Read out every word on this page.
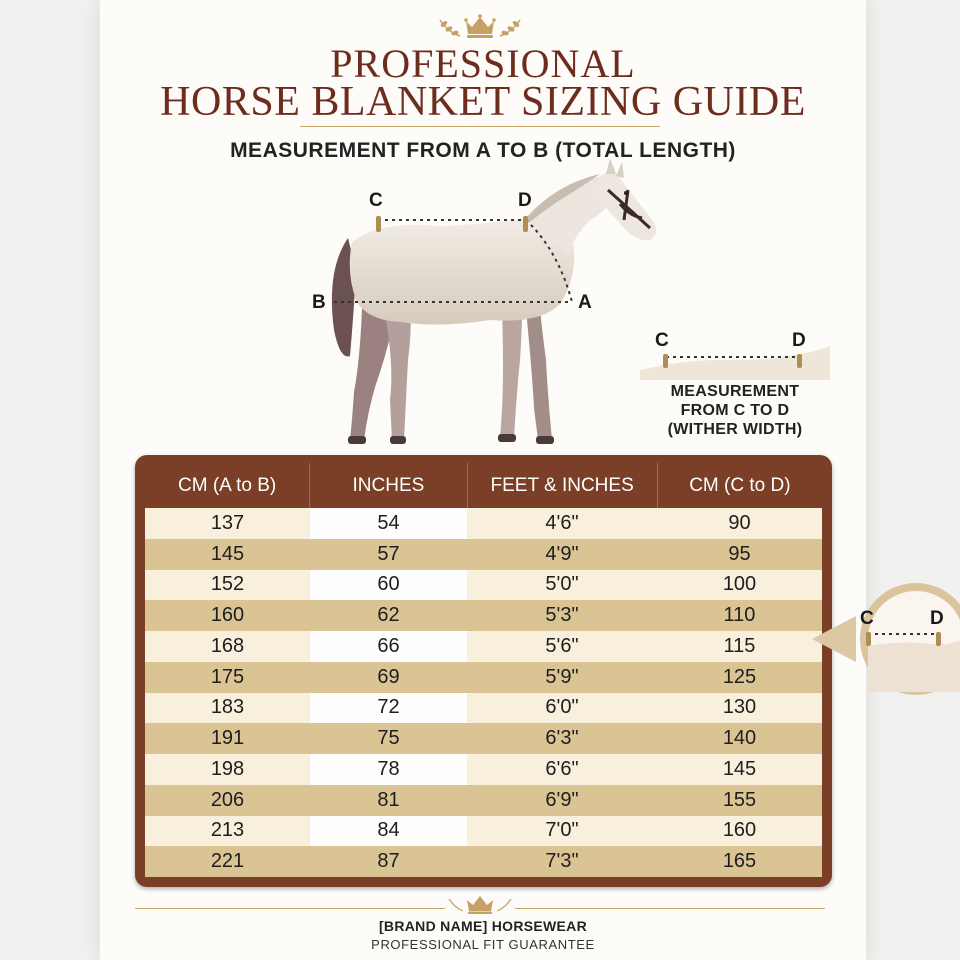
PROFESSIONAL
HORSE BLANKET SIZING GUIDE
MEASUREMENT FROM A TO B (TOTAL LENGTH)
C	D
B	A
C	D
MEASUREMENT
FROM C TO D
(WITHER WIDTH)
CM (A to B)	INCHES	FEET & INCHES	CM (C to D)
137	54	4'6"	90
145	57	4'9"	95
152	60	5'0"	100
160	62	5'3"	110
168	66	5'6"	115
175	69	5'9"	125
183	72	6'0"	130
191	75	6'3"	140
198	78	6'6"	145
206	81	6'9"	155
213	84	7'0"	160
221	87	7'3"	165
C	D
[BRAND NAME] HORSEWEAR
PROFESSIONAL FIT GUARANTEE
